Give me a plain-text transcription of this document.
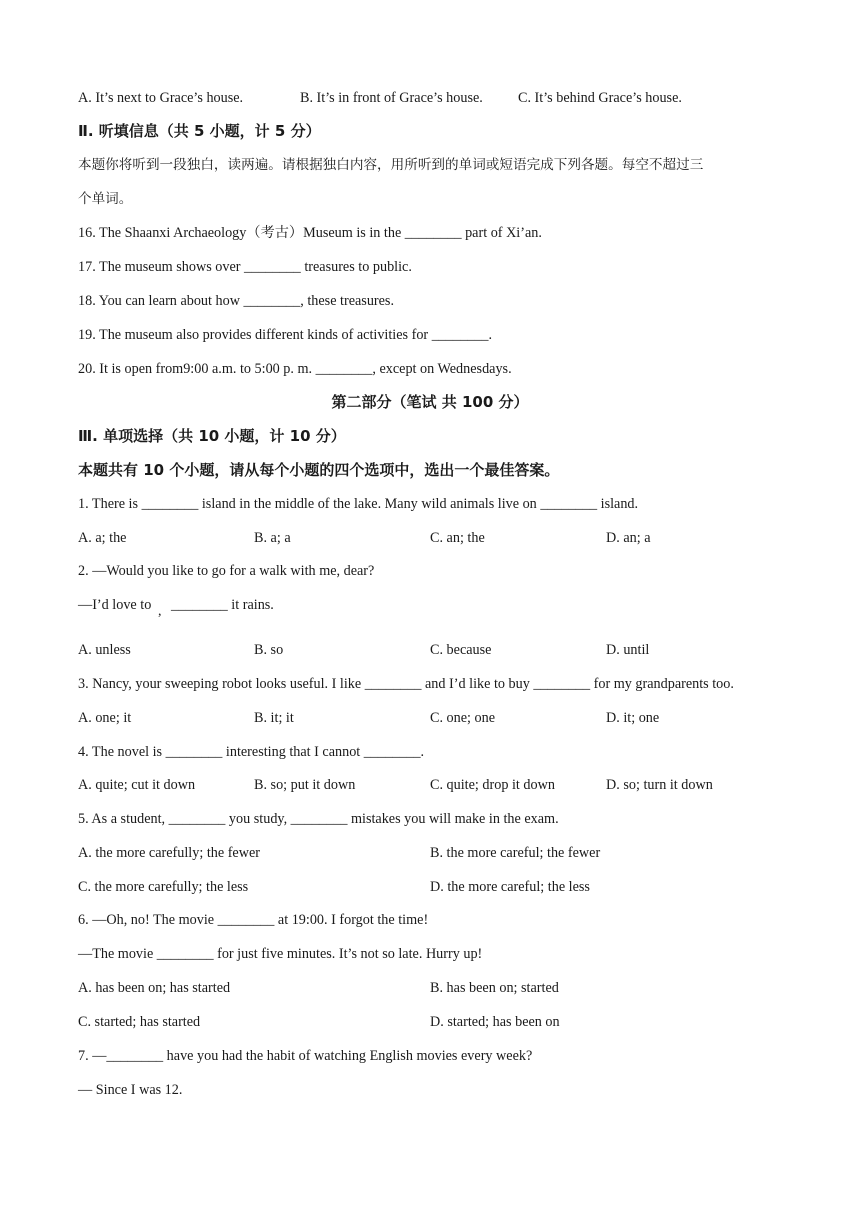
A. It’s next to Grace’s house.	B. It’s in front of Grace’s house. C. It’s behind Grace’s house.
Ⅱ. 听填信息（共 5 小题，计 5 分）
本题你将听到一段独白，读两遍。请根据独白内容，用所听到的单词或短语完成下列各题。每空不超过三
个单词。
16. The Shaanxi Archaeology（考古）Museum is in the ________ part of Xi’an.
17. The museum shows over ________ treasures to public.
18. You can learn about how ________, these treasures.
19. The museum also provides different kinds of activities for ________.
20. It is open from9:00 a.m. to 5:00 p. m. ________, except on Wednesdays.
第二部分（笔试 共 100 分）
Ⅲ. 单项选择（共 10 小题，计 10 分）
本题共有 10 个小题，请从每个小题的四个选项中，选出一个最佳答案。
1. There is ________ island in the middle of the lake. Many wild animals live on ________ island.
A. a; the	B. a; a	C. an; the	D. an; a
2. —Would you like to go for a walk with me, dear?
—I’d love to , ________ it rains.
A. unless	B. so	C. because	D. until
3. Nancy, your sweeping robot looks useful. I like ________ and I’d like to buy ________ for my grandparents too.
A. one; it	B. it; it	C. one; one	D. it; one
4. The novel is ________ interesting that I cannot ________.
A. quite; cut it down	B. so; put it down	C. quite; drop it down	D. so; turn it down
5. As a student, ________ you study, ________ mistakes you will make in the exam.
A. the more carefully; the fewer	B. the more careful; the fewer
C. the more carefully; the less	D. the more careful; the less
6. —Oh, no! The movie ________ at 19:00. I forgot the time!
—The movie ________ for just five minutes. It’s not so late. Hurry up!
A. has been on; has started	B. has been on; started
C. started; has started	D. started; has been on
7. —________ have you had the habit of watching English movies every week?
— Since I was 12.
